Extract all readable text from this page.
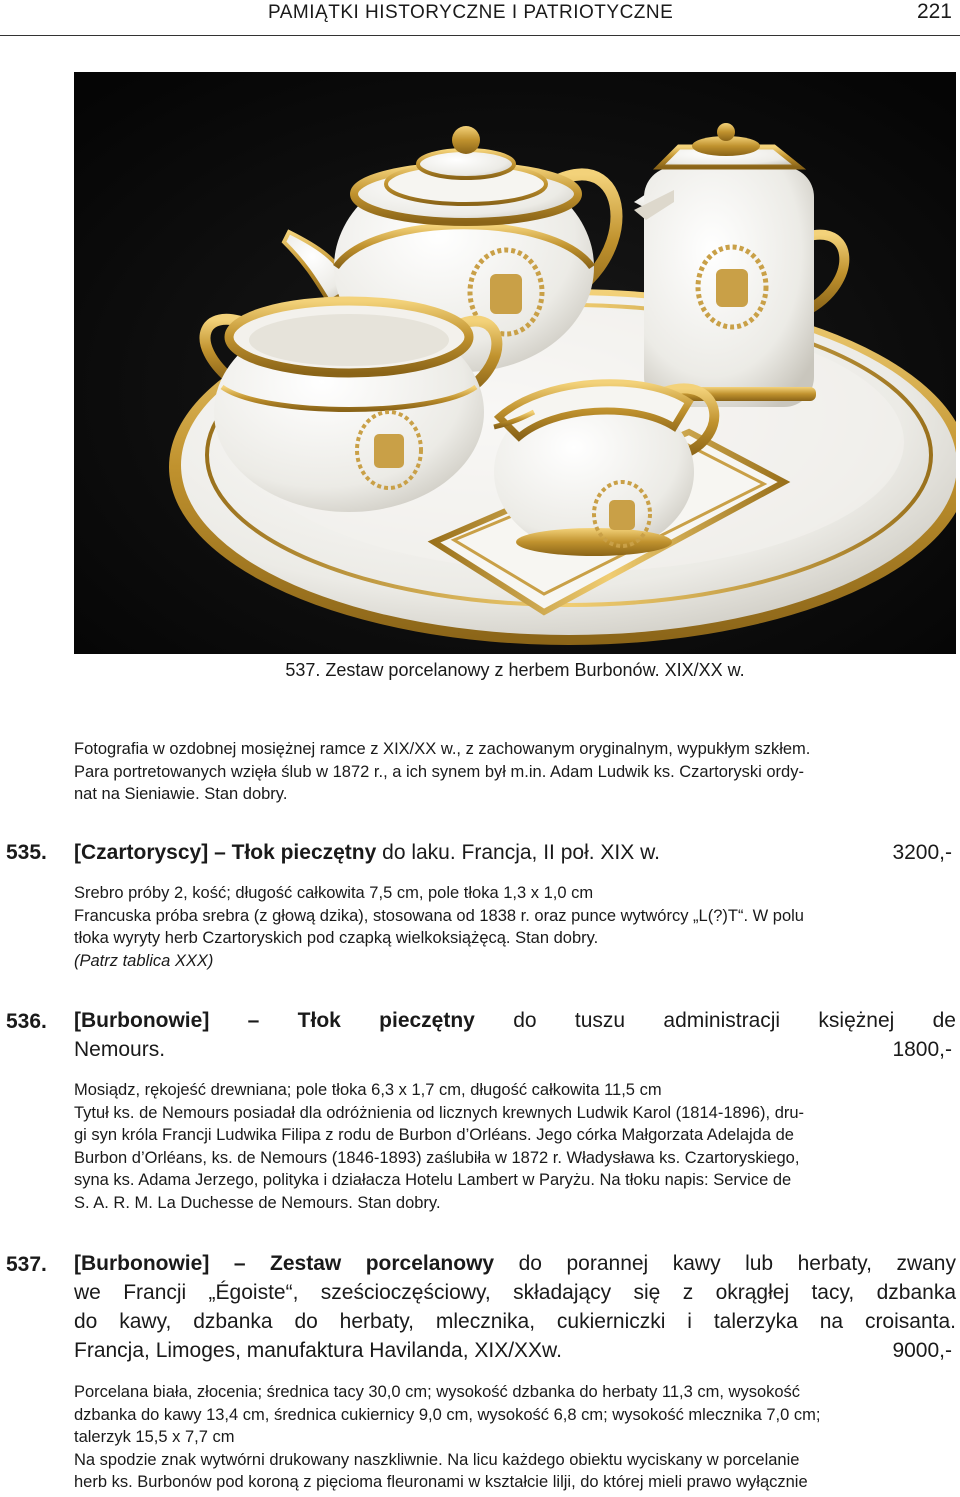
PAMIĄTKI HISTORYCZNE I PATRIOTYCZNE	221
537. Zestaw porcelanowy z herbem Burbonów. XIX/XX w.
Fotografia w ozdobnej mosiężnej ramce z XIX/XX w., z zachowanym oryginalnym, wypukłym szkłem.
Para portretowanych wzięła ślub w 1872 r., a ich synem był m.in. Adam Ludwik ks. Czartoryski ordy-
nat na Sieniawie. Stan dobry.
535. [Czartoryscy] – Tłok pieczętny do laku. Francja, II poł. XIX w.	3200,-
Srebro próby 2, kość; długość całkowita 7,5 cm, pole tłoka 1,3 x 1,0 cm
Francuska próba srebra (z głową dzika), stosowana od 1838 r. oraz punce wytwórcy „L(?)T“. W polu
tłoka wyryty herb Czartoryskich pod czapką wielkoksiążęcą. Stan dobry.
(Patrz tablica XXX)
536. [Burbonowie] – Tłok pieczętny do tuszu administracji księżnej de
Nemours.	1800,-
Mosiądz, rękojeść drewniana; pole tłoka 6,3 x 1,7 cm, długość całkowita 11,5 cm
Tytuł ks. de Nemours posiadał dla odróżnienia od licznych krewnych Ludwik Karol (1814-1896), dru-
gi syn króla Francji Ludwika Filipa z rodu de Burbon d’Orléans. Jego córka Małgorzata Adelajda de
Burbon d’Orléans, ks. de Nemours (1846-1893) zaślubiła w 1872 r. Władysława ks. Czartoryskiego,
syna ks. Adama Jerzego, polityka i działacza Hotelu Lambert w Paryżu. Na tłoku napis: Service de
S. A. R. M. La Duchesse de Nemours. Stan dobry.
537. [Burbonowie] – Zestaw porcelanowy do porannej kawy lub herbaty, zwany
we Francji „Égoiste“, sześcioczęściowy, składający się z okrągłej tacy, dzbanka
do kawy, dzbanka do herbaty, mlecznika, cukierniczki i talerzyka na croisanta.
Francja, Limoges, manufaktura Havilanda, XIX/XXw.	9000,-
Porcelana biała, złocenia; średnica tacy 30,0 cm; wysokość dzbanka do herbaty 11,3 cm, wysokość
dzbanka do kawy 13,4 cm, średnica cukiernicy 9,0 cm, wysokość 6,8 cm; wysokość mlecznika 7,0 cm;
talerzyk 15,5 x 7,7 cm
Na spodzie znak wytwórni drukowany naszkliwnie. Na licu każdego obiektu wyciskany w porcelanie
herb ks. Burbonów pod koroną z pięcioma fleuronami w kształcie lilji, do której mieli prawo wyłącznie
